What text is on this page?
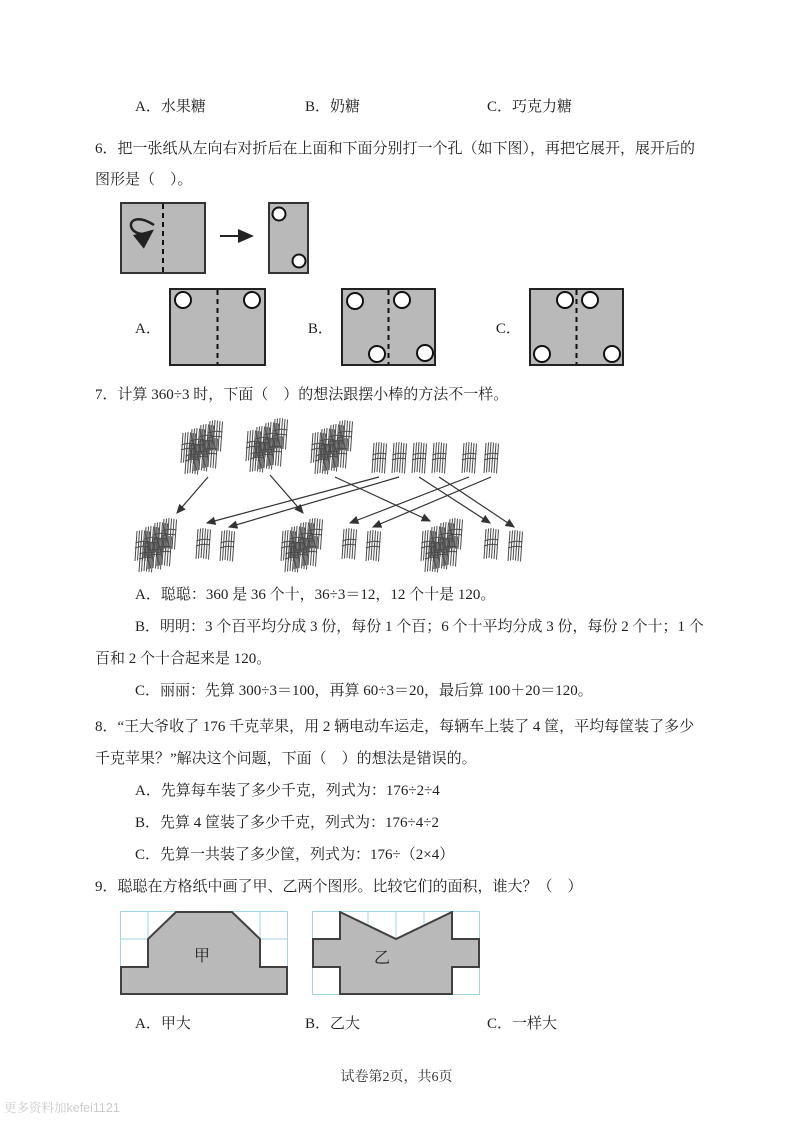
A．水果糖	B．奶糖	C．巧克力糖
6．把一张纸从左向右对折后在上面和下面分别打一个孔（如下图），再把它展开，展开后的
图形是（　）。
A．	B．	C．
7．计算 360÷3 时，下面（　）的想法跟摆小棒的方法不一样。
A．聪聪：360 是 36 个十，36÷3＝12，12 个十是 120。
B．明明：3 个百平均分成 3 份，每份 1 个百；6 个十平均分成 3 份，每份 2 个十；1 个
百和 2 个十合起来是 120。
C．丽丽：先算 300÷3＝100，再算 60÷3＝20，最后算 100＋20＝120。
8．“王大爷收了 176 千克苹果，用 2 辆电动车运走，每辆车上装了 4 筐，平均每筐装了多少
千克苹果？”解决这个问题，下面（　）的想法是错误的。
A．先算每车装了多少千克，列式为：176÷2÷4
B．先算 4 筐装了多少千克，列式为：176÷4÷2
C．先算一共装了多少筐，列式为：176÷（2×4）
9．聪聪在方格纸中画了甲、乙两个图形。比较它们的面积，谁大？（　）
甲	乙
A．甲大	B．乙大	C．一样大
试卷第2页，共6页
更多资料加kefei1121
